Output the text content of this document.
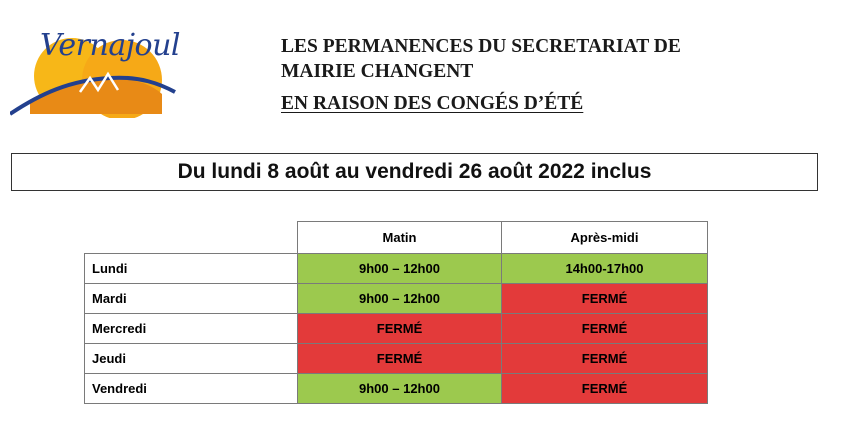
Vernajoul	LES PERMANENCES DU SECRETARIAT DE
MAIRIE CHANGENT
EN RAISON DES CONGÉS D’ÉTÉ
Du lundi 8 août au vendredi 26 août 2022 inclus
	Matin	Après-midi
Lundi	9h00 – 12h00	14h00-17h00
Mardi	9h00 – 12h00	FERMÉ
Mercredi	FERMÉ	FERMÉ
Jeudi	FERMÉ	FERMÉ
Vendredi	9h00 – 12h00	FERMÉ
